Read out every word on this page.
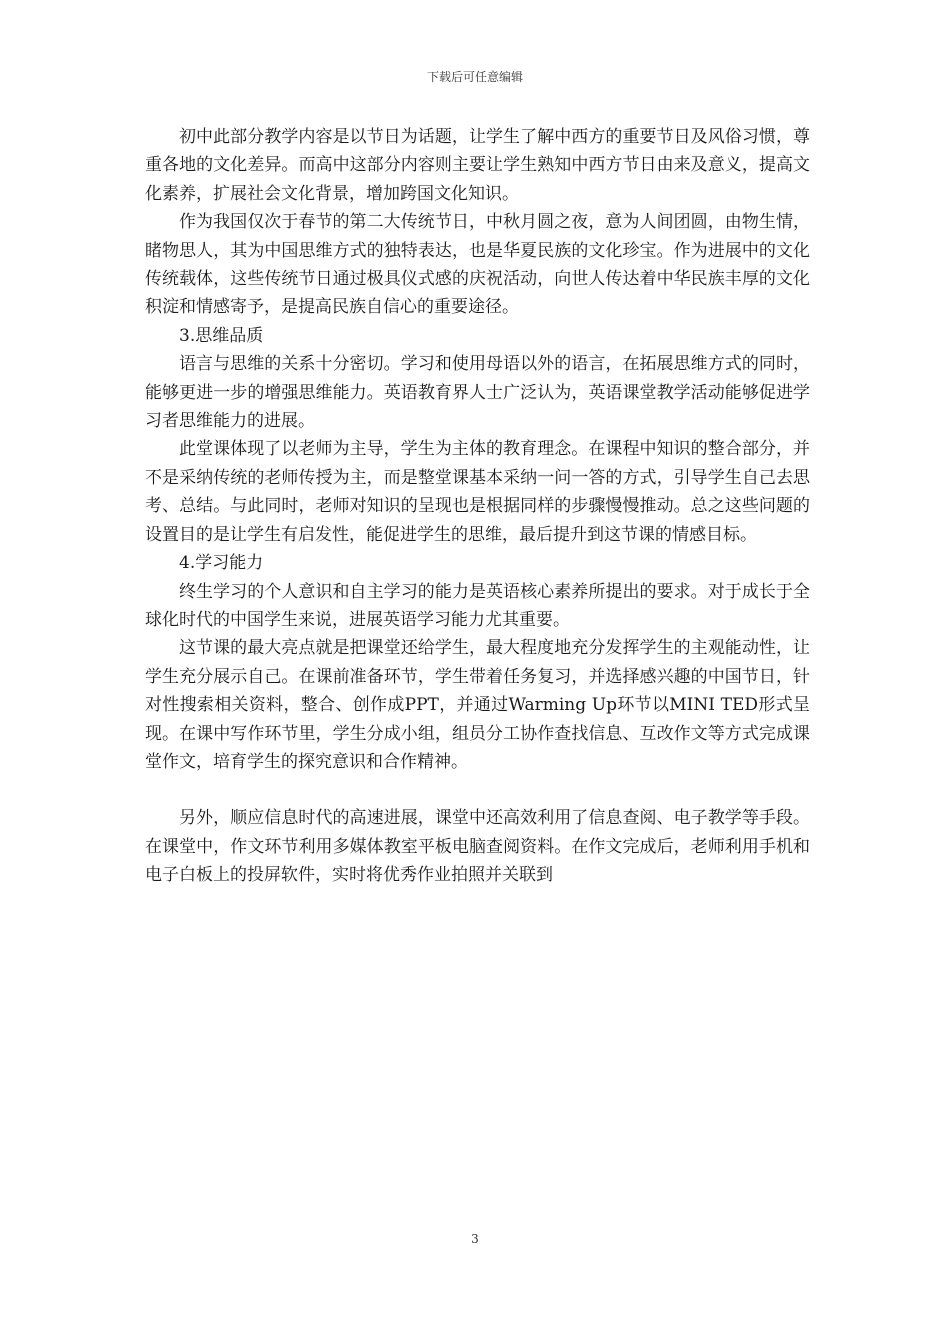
下载后可任意编辑

初中此部分教学内容是以节日为话题，让学生了解中西方的重要节日及风俗习惯，尊重各地的文化差异。而高中这部分内容则主要让学生熟知中西方节日由来及意义，提高文化素养，扩展社会文化背景，增加跨国文化知识。

作为我国仅次于春节的第二大传统节日，中秋月圆之夜，意为人间团圆，由物生情，睹物思人，其为中国思维方式的独特表达，也是华夏民族的文化珍宝。作为进展中的文化传统载体，这些传统节日通过极具仪式感的庆祝活动，向世人传达着中华民族丰厚的文化积淀和情感寄予，是提高民族自信心的重要途径。

3.思维品质

语言与思维的关系十分密切。学习和使用母语以外的语言，在拓展思维方式的同时，能够更进一步的增强思维能力。英语教育界人士广泛认为，英语课堂教学活动能够促进学习者思维能力的进展。

此堂课体现了以老师为主导，学生为主体的教育理念。在课程中知识的整合部分，并不是采纳传统的老师传授为主，而是整堂课基本采纳一问一答的方式，引导学生自己去思考、总结。与此同时，老师对知识的呈现也是根据同样的步骤慢慢推动。总之这些问题的设置目的是让学生有启发性，能促进学生的思维，最后提升到这节课的情感目标。

4.学习能力

终生学习的个人意识和自主学习的能力是英语核心素养所提出的要求。对于成长于全球化时代的中国学生来说，进展英语学习能力尤其重要。

这节课的最大亮点就是把课堂还给学生，最大程度地充分发挥学生的主观能动性，让学生充分展示自己。在课前准备环节，学生带着任务复习，并选择感兴趣的中国节日，针对性搜索相关资料，整合、创作成PPT，并通过Warming Up环节以MINI TED形式呈现。在课中写作环节里，学生分成小组，组员分工协作查找信息、互改作文等方式完成课堂作文，培育学生的探究意识和合作精神。

另外，顺应信息时代的高速进展，课堂中还高效利用了信息查阅、电子教学等手段。在课堂中，作文环节利用多媒体教室平板电脑查阅资料。在作文完成后，老师利用手机和电子白板上的投屏软件，实时将优秀作业拍照并关联到

3
